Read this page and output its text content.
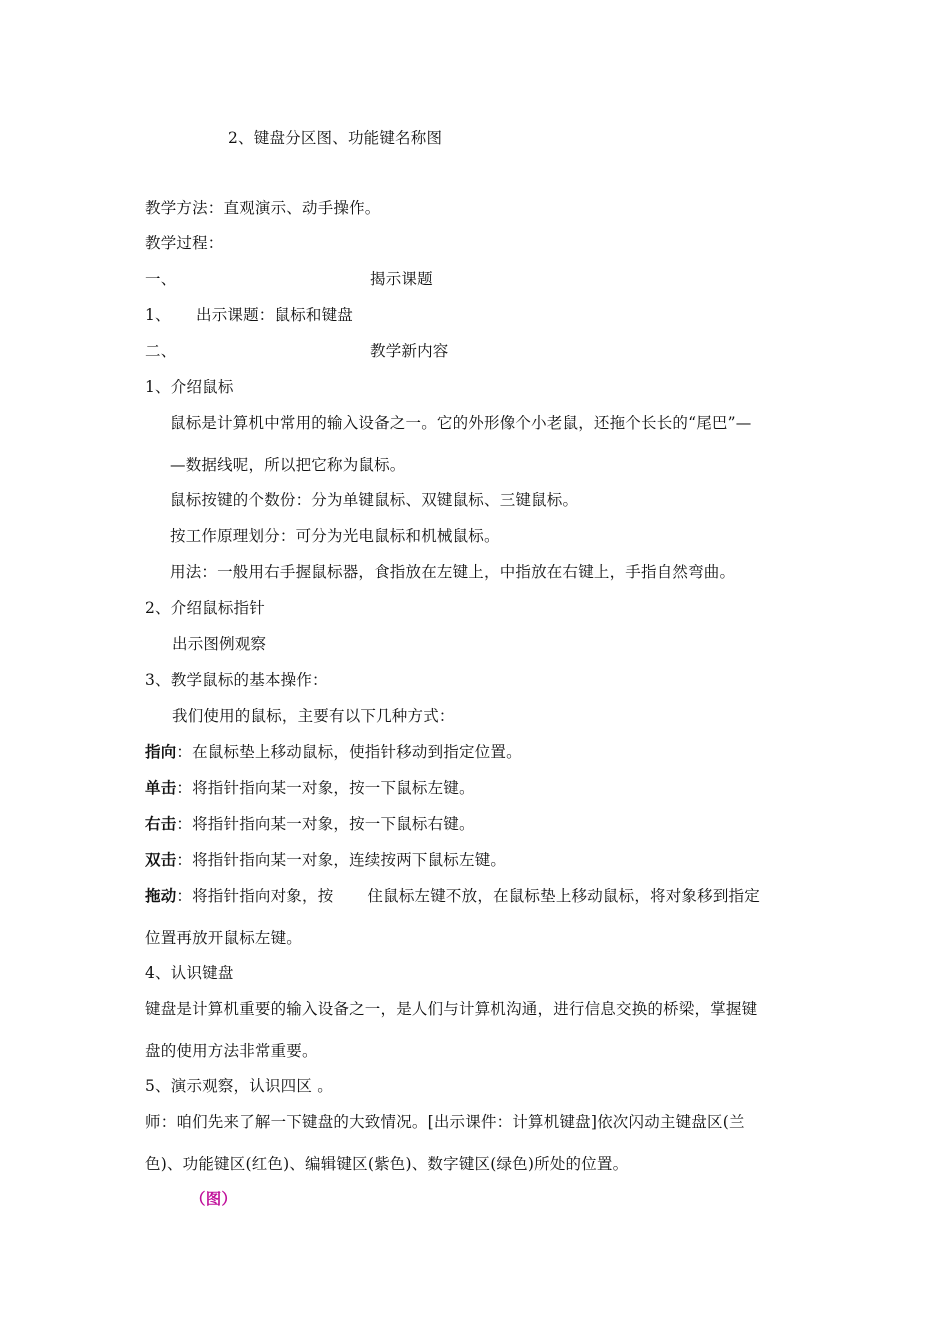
2、键盘分区图、功能键名称图

教学方法：直观演示、动手操作。

教学过程：

一、	揭示课题

1、 出示课题：鼠标和键盘

二、	教学新内容

1、介绍鼠标

鼠标是计算机中常用的输入设备之一。它的外形像个小老鼠，还拖个长长的“尾巴”—

—数据线呢，所以把它称为鼠标。

鼠标按键的个数份：分为单键鼠标、双键鼠标、三键鼠标。

按工作原理划分：可分为光电鼠标和机械鼠标。

用法：一般用右手握鼠标器，食指放在左键上，中指放在右键上，手指自然弯曲。

2、介绍鼠标指针

出示图例观察

3、教学鼠标的基本操作：

我们使用的鼠标，主要有以下几种方式：

指向：在鼠标垫上移动鼠标，使指针移动到指定位置。

单击：将指针指向某一对象，按一下鼠标左键。

右击：将指针指向某一对象，按一下鼠标右键。

双击：将指针指向某一对象，连续按两下鼠标左键。

拖动：将指针指向对象，按 住鼠标左键不放，在鼠标垫上移动鼠标，将对象移到指定

位置再放开鼠标左键。

4、认识键盘

键盘是计算机重要的输入设备之一，是人们与计算机沟通，进行信息交换的桥梁，掌握键

盘的使用方法非常重要。

5、演示观察，认识四区 。

师：咱们先来了解一下键盘的大致情况。[出示课件：计算机键盘]依次闪动主键盘区(兰

色)、功能键区(红色)、编辑键区(紫色)、数字键区(绿色)所处的位置。

（图）
